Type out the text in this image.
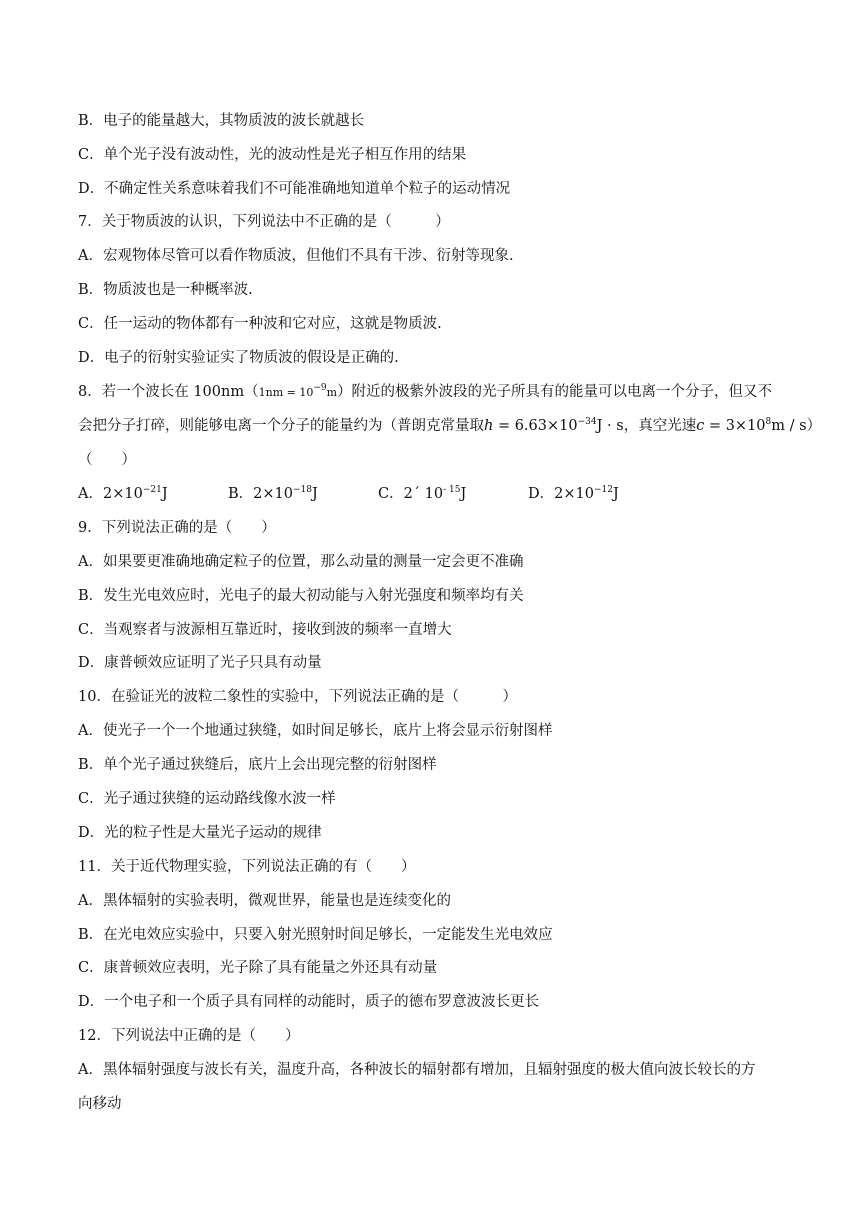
B．电子的能量越大，其物质波的波长就越长
C．单个光子没有波动性，光的波动性是光子相互作用的结果
D．不确定性关系意味着我们不可能准确地知道单个粒子的运动情况
7．关于物质波的认识，下列说法中不正确的是（　　　）
A．宏观物体尽管可以看作物质波，但他们不具有干涉、衍射等现象.
B．物质波也是一种概率波.
C．任一运动的物体都有一种波和它对应，这就是物质波.
D．电子的衍射实验证实了物质波的假设是正确的.
8．若一个波长在 $100nm(1nm = 10^{-9}m)$附近的极紫外波段的光子所具有的能量可以电离一个分子，但又不
会把分子打碎，则能够电离一个分子的能量约为（普朗克常量取$h = 6.63\times 10^{-34}J \cdot s$，真空光速$c = 3\times 10^8m / s$）
（　　）
A．$2\times 10^{-21}J$	B．$2\times 10^{-18}J$	C．2´ $10^{- 15}J$	D．$2\times 10^{-12}J$
9．下列说法正确的是（　　）
A．如果要更准确地确定粒子的位置，那么动量的测量一定会更不准确
B．发生光电效应时，光电子的最大初动能与入射光强度和频率均有关
C．当观察者与波源相互靠近时，接收到波的频率一直增大
D．康普顿效应证明了光子只具有动量
10．在验证光的波粒二象性的实验中，下列说法正确的是（　　　）
A．使光子一个一个地通过狭缝，如时间足够长，底片上将会显示衍射图样
B．单个光子通过狭缝后，底片上会出现完整的衍射图样
C．光子通过狭缝的运动路线像水波一样
D．光的粒子性是大量光子运动的规律
11．关于近代物理实验，下列说法正确的有（　　）
A．黑体辐射的实验表明，微观世界，能量也是连续变化的
B．在光电效应实验中，只要入射光照射时间足够长，一定能发生光电效应
C．康普顿效应表明，光子除了具有能量之外还具有动量
D．一个电子和一个质子具有同样的动能时，质子的德布罗意波波长更长
12．下列说法中正确的是（　　）
A．黑体辐射强度与波长有关，温度升高，各种波长的辐射都有增加，且辐射强度的极大值向波长较长的方
向移动
